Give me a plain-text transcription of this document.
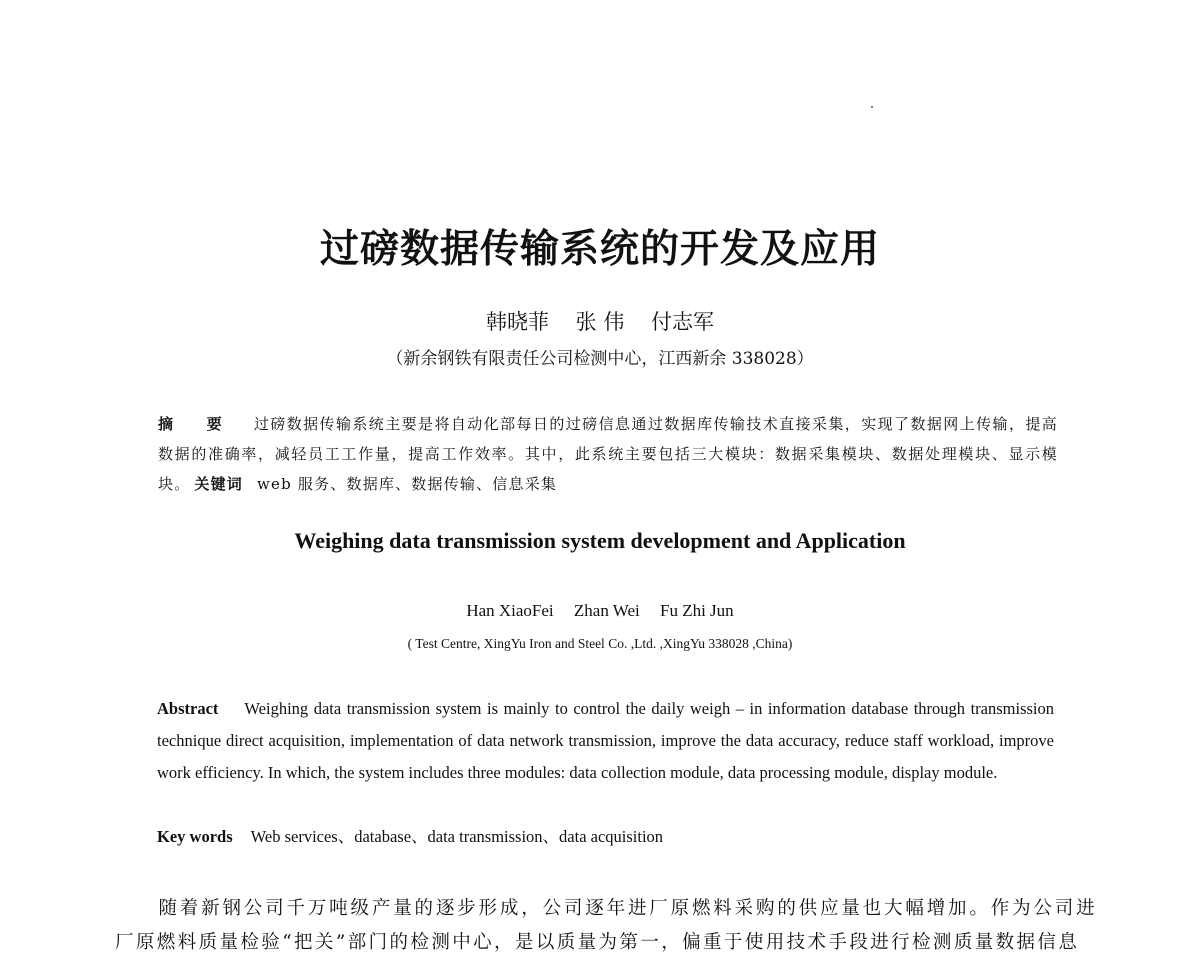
过磅数据传输系统的开发及应用
韩晓菲 张 伟 付志军
（新余钢铁有限责任公司检测中心，江西新余 338028）
摘 要 过磅数据传输系统主要是将自动化部每日的过磅信息通过数据库传输技术直接采集，实现了数据网上传输，提高数据的准确率，减轻员工工作量，提高工作效率。其中，此系统主要包括三大模块：数据采集模块、数据处理模块、显示模块。 关键词 web 服务、数据库、数据传输、信息采集
Weighing data transmission system development and Application
Han XiaoFei Zhan Wei Fu Zhi Jun
( Test Centre, XingYu Iron and Steel Co. ,Ltd. ,XingYu 338028 ,China)
Abstract Weighing data transmission system is mainly to control the daily weigh – in information database through transmission technique direct acquisition, implementation of data network transmission, improve the data accuracy, reduce staff workload, improve work efficiency. In which, the system includes three modules: data collection module, data processing module, display module.
Key words Web services、database、data transmission、data acquisition
随着新钢公司千万吨级产量的逐步形成，公司逐年进厂原燃料采购的供应量也大幅增加。作为公司进厂原燃料质量检验“把关”部门的检测中心，是以质量为第一，偏重于使用技术手段进行检测质量数据信息
